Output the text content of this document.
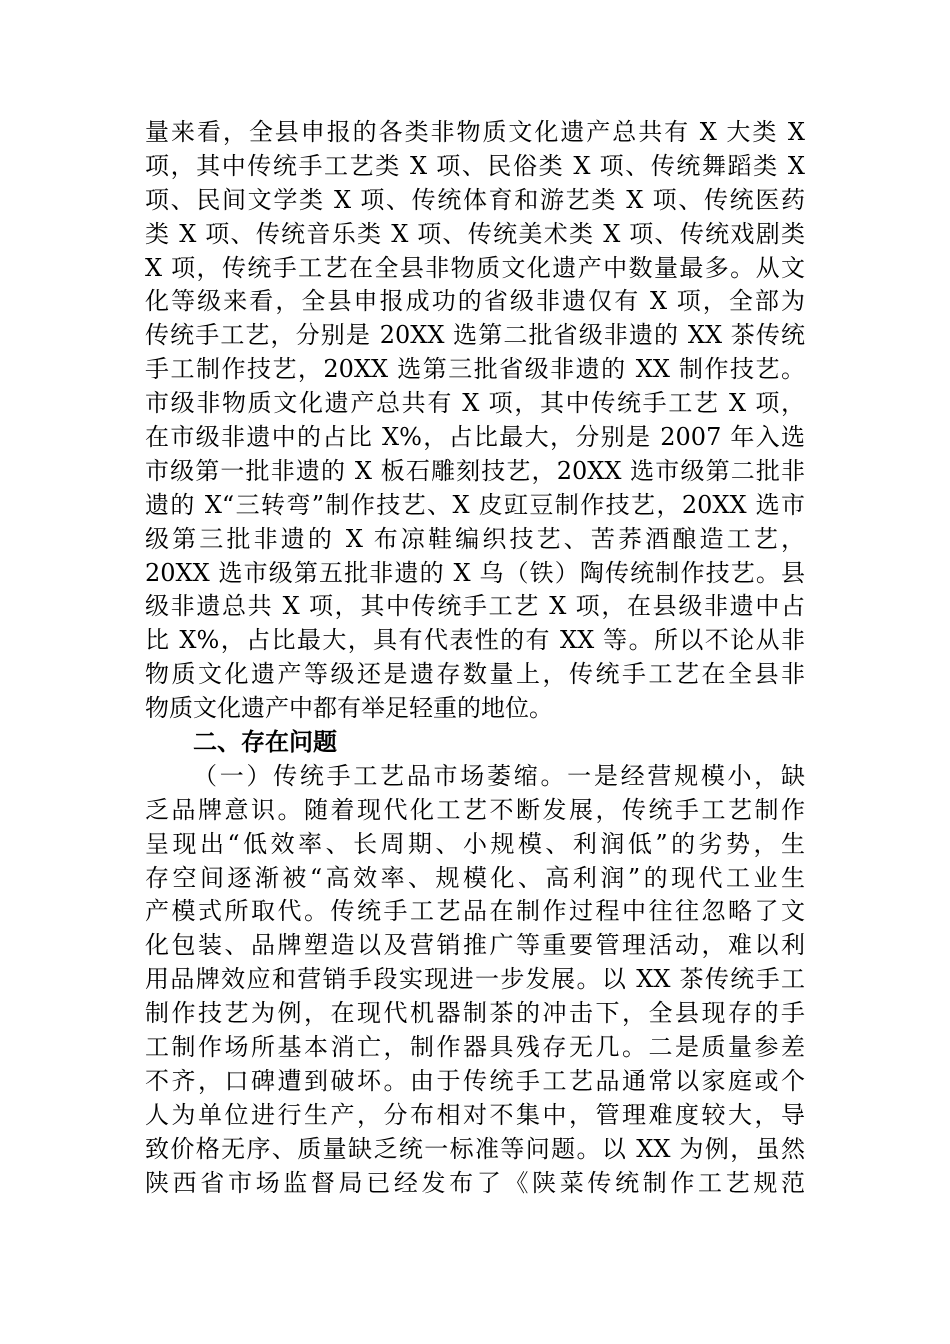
量来看，全县申报的各类非物质文化遗产总共有 X 大类 X
项，其中传统手工艺类 X 项、民俗类 X 项、传统舞蹈类 X
项、民间文学类 X 项、传统体育和游艺类 X 项、传统医药
类 X 项、传统音乐类 X 项、传统美术类 X 项、传统戏剧类
X 项，传统手工艺在全县非物质文化遗产中数量最多。从文
化等级来看，全县申报成功的省级非遗仅有 X 项，全部为
传统手工艺，分别是 20XX 选第二批省级非遗的 XX 茶传统
手工制作技艺，20XX 选第三批省级非遗的 XX 制作技艺。
市级非物质文化遗产总共有 X 项，其中传统手工艺 X 项，
在市级非遗中的占比 X%，占比最大，分别是 2007 年入选
市级第一批非遗的 X 板石雕刻技艺，20XX 选市级第二批非
遗的 X“三转弯”制作技艺、X 皮豇豆制作技艺，20XX 选市
级第三批非遗的 X 布凉鞋编织技艺、苦荞酒酿造工艺，
20XX 选市级第五批非遗的 X 乌（铁）陶传统制作技艺。县
级非遗总共 X 项，其中传统手工艺 X 项，在县级非遗中占
比 X%，占比最大，具有代表性的有 XX 等。所以不论从非
物质文化遗产等级还是遗存数量上，传统手工艺在全县非
物质文化遗产中都有举足轻重的地位。
二、存在问题
（一）传统手工艺品市场萎缩。一是经营规模小，缺
乏品牌意识。随着现代化工艺不断发展，传统手工艺制作
呈现出“低效率、长周期、小规模、利润低”的劣势，生
存空间逐渐被“高效率、规模化、高利润”的现代工业生
产模式所取代。传统手工艺品在制作过程中往往忽略了文
化包装、品牌塑造以及营销推广等重要管理活动，难以利
用品牌效应和营销手段实现进一步发展。以 XX 茶传统手工
制作技艺为例，在现代机器制茶的冲击下，全县现存的手
工制作场所基本消亡，制作器具残存无几。二是质量参差
不齐，口碑遭到破坏。由于传统手工艺品通常以家庭或个
人为单位进行生产，分布相对不集中，管理难度较大，导
致价格无序、质量缺乏统一标准等问题。以 XX 为例，虽然
陕西省市场监督局已经发布了《陕菜传统制作工艺规范
